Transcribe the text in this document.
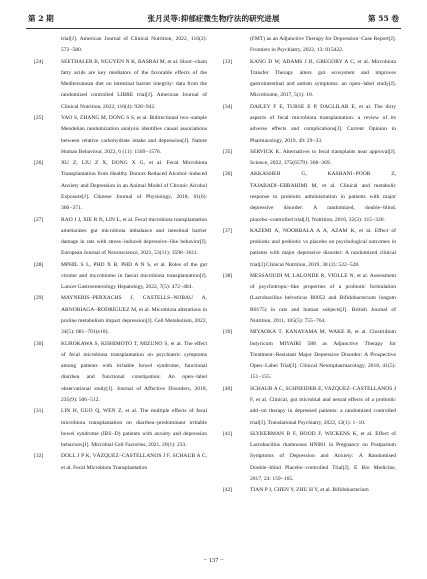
第 2 期	张月灵等:抑郁症微生物疗法的研究进展	第 55 卷
trial[J]. American Journal of Clinical Nutrition, 2022, 116(2): 572−580.
[24]	SEETHALER B, NGUYEN N K, BASRAI M, et al. Short−chain fatty acids are key mediators of the favorable effects of the Mediterranean diet on intestinal barrier integrity: data from the randomized controlled LIBRE trial[J]. American Journal of Clinical Nutrition, 2022, 116(4): 928−942.
[25]	YAO S, ZHANG M, DONG S S, et al. Bidirectional two−sample Mendelian randomization analysis identifies causal associations between relative carbohydrate intake and depression[J]. Nature Human Behaviour, 2022, 6 (11): 1569−1576.
[26]	XU Z, LIU Z X, DONG X G, et al. Fecal Microbiota Transplantation from Healthy Donors Reduced Alcohol−induced Anxiety and Depression in an Animal Model of Chronic Alcohol Exposure[J]. Chinese Journal of Physiology, 2018, 61(6): 360−371.
[27]	RAO J J, XIE R N, LIN L, et al. Fecal microbiota transplantation ameliorates gut microbiota imbalance and intestinal barrier damage in rats with stress−induced depressive−like behavior[J]. European Journal of Neuroscience, 2021, 53(11): 3598−3611.
[28]	MPHIL S L, PHD X B, PHD A N S, et al. Roles of the gut virome and mycobiome in faecal microbiota transplantation[J]. Lancet Gastroenterology Hepatology, 2022, 7(5): 472−484.
[29]	MAYNERIS−PERXACHS J, CASTELLS−NOBAU A, ARNORIAGA−RODRÍGUEZ M, et al. Microbiota alterations in proline metabolism impact depression[J]. Cell Metabolism, 2022, 34(5): 681−701(e10).
[30]	KUROKAWA S, KISHIMOTO T, MIZUNO S, et al. The effect of fecal microbiota transplantation on psychiatric symptoms among patients with irritable bowel syndrome, functional diarrhea and functional constipation: An open−label observational study[J]. Journal of Affective Disorders, 2018, 235(9): 506−512.
[31]	LIN H, GUO Q, WEN Z, et al. The multiple effects of fecal microbiota transplantation on diarrhea−predominant irritable bowel syndrome (IBS−D) patients with anxiety and depression behaviors[J]. Microbial Cell Factories, 2021, 20(1): 233.
[32]	DOLL J P K, VÁZQUEZ−CASTELLANOS J F, SCHAUB A C, et al. Fecal Microbiota Transplantation
(FMT) as an Adjunctive Therapy for Depression−Case Report[J]. Frontiers in Psychiatry, 2022, 13: 815422.
[33]	KANG D W, ADAMS J B, GREGORY A C, et al. Microbiota Transfer Therapy alters gut ecosystem and improves gastrointestinal and autism symptoms: an open−label study[J]. Microbiome, 2017, 5(1): 10.
[34]	DAILEY F E, TURSE E P, DAGLILAR E, et al. The dirty aspects of fecal microbiota transplantation: a review of its adverse effects and complications[J]. Current Opinion in Pharmacology, 2019, 49: 29−33.
[35]	SERVICK K. Alternatives to fecal transplants near approval[J]. Science, 2022, 375(6579): 368−369.
[36]	AKKASHEH G, KASHANI−POOR Z, TAJABADI−EBRAHIMI M, et al. Clinical and metabolic response to probiotic administration in patients with major depressive disorder: A randomized, double−blind, placebo−controlled trial[J]. Nutrition, 2016, 32(3): 315−320.
[37]	KAZEMI A, NOORBALA A A, AZAM K, et al. Effect of probiotic and prebiotic vs placebo on psychological outcomes in patients with major depressive disorder: A randomized clinical trial[J].Clinical Nutrition, 2019, 38 (2): 522−528.
[38]	MESSAOUDI M, LALONDE R, VIOLLE N, et al. Assessment of psychotropic−like properties of a probiotic formulation (Lactobacillus helveticus R0052 and Bifidobacterium longum R0175) in rats and human subjects[J]. British Journal of Nutrition, 2011, 105(5): 755−764.
[39]	MIYAOKA T, KANAYAMA M, WAKE R, et al. Clostridium butyricum MIYAIRI 588 as Adjunctive Therapy for Treatment−Resistant Major Depressive Disorder: A Prospective Open−Label Trial[J]. Clinical Neuropharmacology, 2018, 41(5): 151−155.
[40]	SCHAUB A C, SCHNEIDER E, VAZQUEZ−CASTELLANOS J F, et al. Clinical, gut microbial and neural effects of a probiotic add−on therapy in depressed patients: a randomized controlled trial[J]. Translational Psychiatry, 2022, 12(1): 1−10.
[41]	SLYKERMAN R F, HOOD F, WICKENS K, et al. Effect of Lactobacillus rhamnosus HN001 in Pregnancy on Postpartum Symptoms of Depression and Anxiety: A Randomised Double−blind Placebo−controlled Trial[J]. E Bio Medicine, 2017, 24: 159−165.
[42]	TIAN P J, CHEN Y, ZHU H Y, et al. Bifidobacterium
− 137 −
